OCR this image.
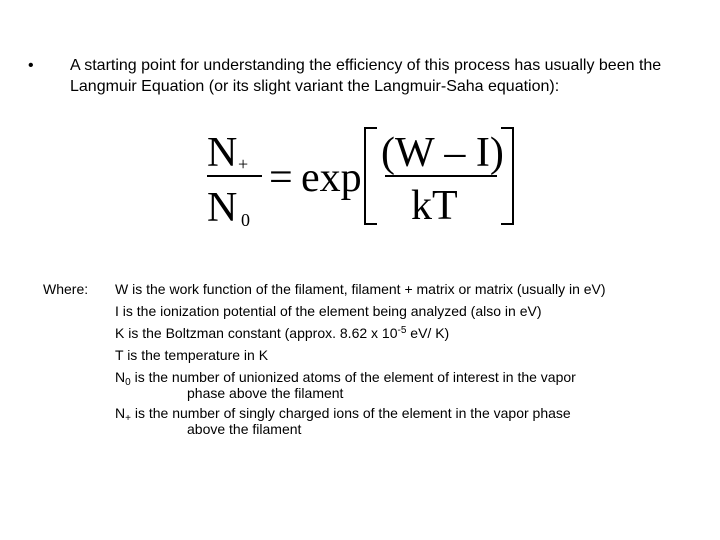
• A starting point for understanding the efficiency of this process has usually been the Langmuir Equation (or its slight variant the Langmuir-Saha equation):
N +
N 0
= exp
(W – I)
kT
Where: W is the work function of the filament, filament + matrix or matrix (usually in eV)
I is the ionization potential of the element being analyzed (also in eV)
K is the Boltzman constant (approx. 8.62 x $10^{-5}$ eV/ K)
T is the temperature in K
$N_0$ is the number of unionized atoms of the element of interest in the vapor
phase above the filament
$N_+$ is the number of singly charged ions of the element in the vapor phase
above the filament
